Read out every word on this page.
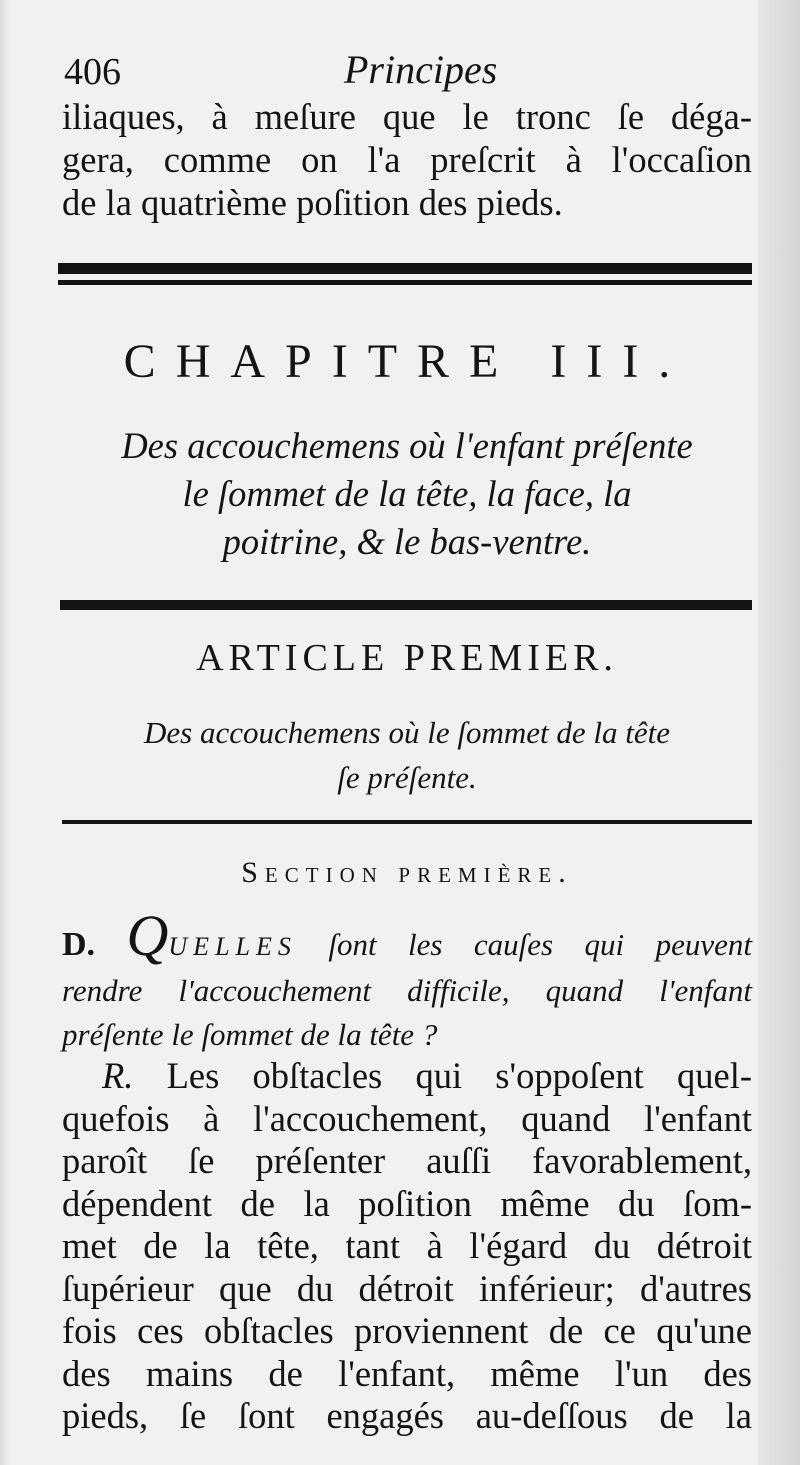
406	Principes
iliaques, à meſure que le tronc ſe déga-
gera, comme on l'a preſcrit à l'occaſion
de la quatrième poſition des pieds.
CHAPITRE III.
Des accouchemens où l'enfant préſente
le ſommet de la tête, la face, la
poitrine, & le bas-ventre.
ARTICLE PREMIER.
Des accouchemens où le ſommet de la tête
ſe préſente.
Section première.
D. QUELLES ſont les cauſes qui peuvent
rendre l'accouchement difficile, quand l'enfant
préſente le ſommet de la tête ?
R. Les obſtacles qui s'oppoſent quel-
quefois à l'accouchement, quand l'enfant
paroît ſe préſenter auſſi favorablement,
dépendent de la poſition même du ſom-
met de la tête, tant à l'égard du détroit
ſupérieur que du détroit inférieur; d'autres
fois ces obſtacles proviennent de ce qu'une
des mains de l'enfant, même l'un des
pieds, ſe ſont engagés au-deſſous de la
